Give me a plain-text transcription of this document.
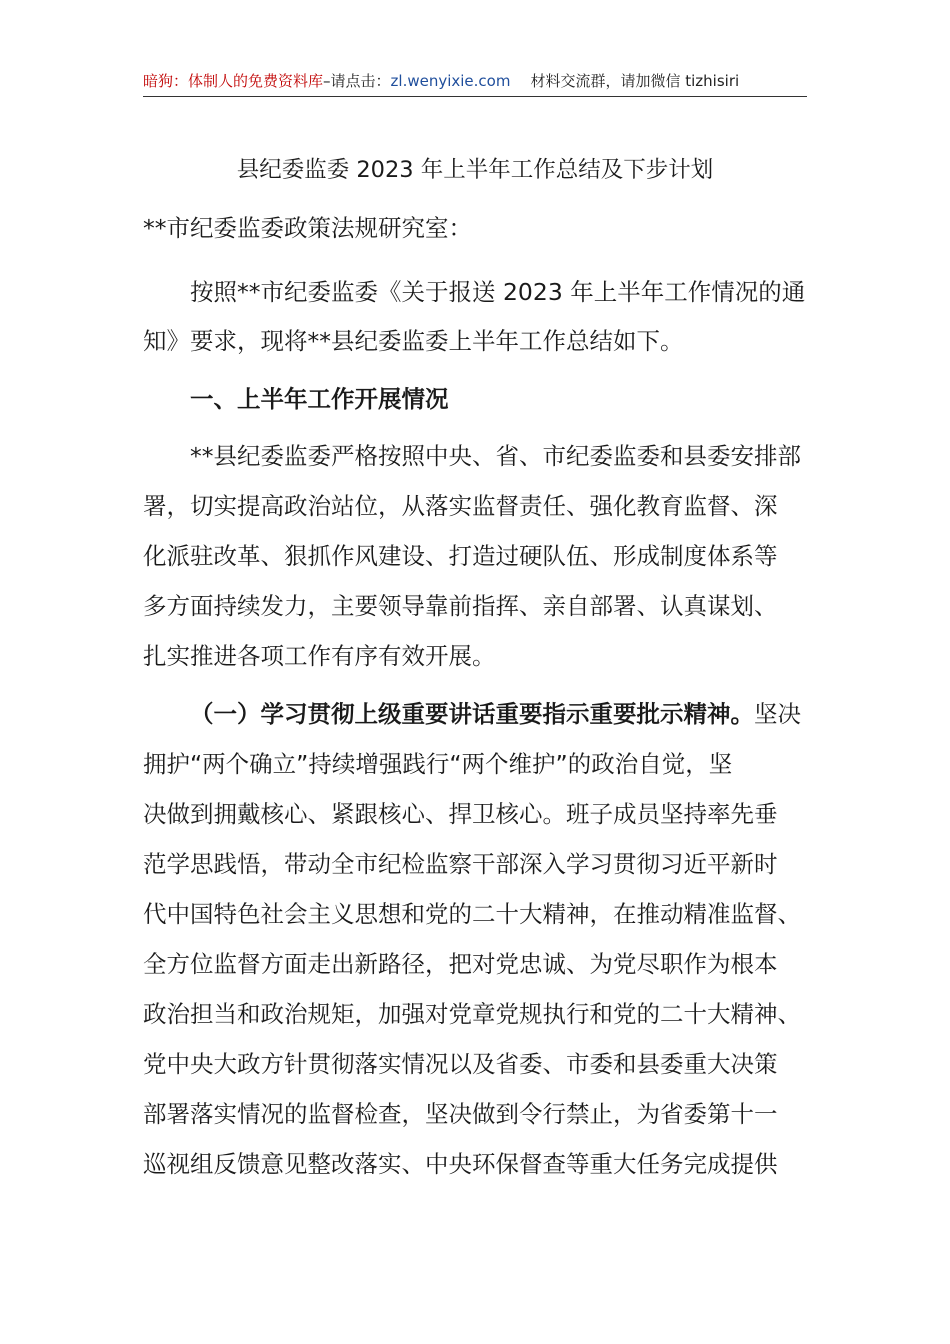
暗狗：体制人的免费资料库–请点击：zl.wenyixie.com 材料交流群，请加微信 tizhisiri
县纪委监委 2023 年上半年工作总结及下步计划
**市纪委监委政策法规研究室：
按照**市纪委监委《关于报送 2023 年上半年工作情况的通
知》要求，现将**县纪委监委上半年工作总结如下。
一、上半年工作开展情况
**县纪委监委严格按照中央、省、市纪委监委和县委安排部
署，切实提高政治站位，从落实监督责任、强化教育监督、深
化派驻改革、狠抓作风建设、打造过硬队伍、形成制度体系等
多方面持续发力，主要领导靠前指挥、亲自部署、认真谋划、
扎实推进各项工作有序有效开展。
（一）学习贯彻上级重要讲话重要指示重要批示精神。坚决
拥护“两个确立”持续增强践行“两个维护”的政治自觉，坚
决做到拥戴核心、紧跟核心、捍卫核心。班子成员坚持率先垂
范学思践悟，带动全市纪检监察干部深入学习贯彻习近平新时
代中国特色社会主义思想和党的二十大精神，在推动精准监督、
全方位监督方面走出新路径，把对党忠诚、为党尽职作为根本
政治担当和政治规矩，加强对党章党规执行和党的二十大精神、
党中央大政方针贯彻落实情况以及省委、市委和县委重大决策
部署落实情况的监督检查，坚决做到令行禁止，为省委第十一
巡视组反馈意见整改落实、中央环保督查等重大任务完成提供
